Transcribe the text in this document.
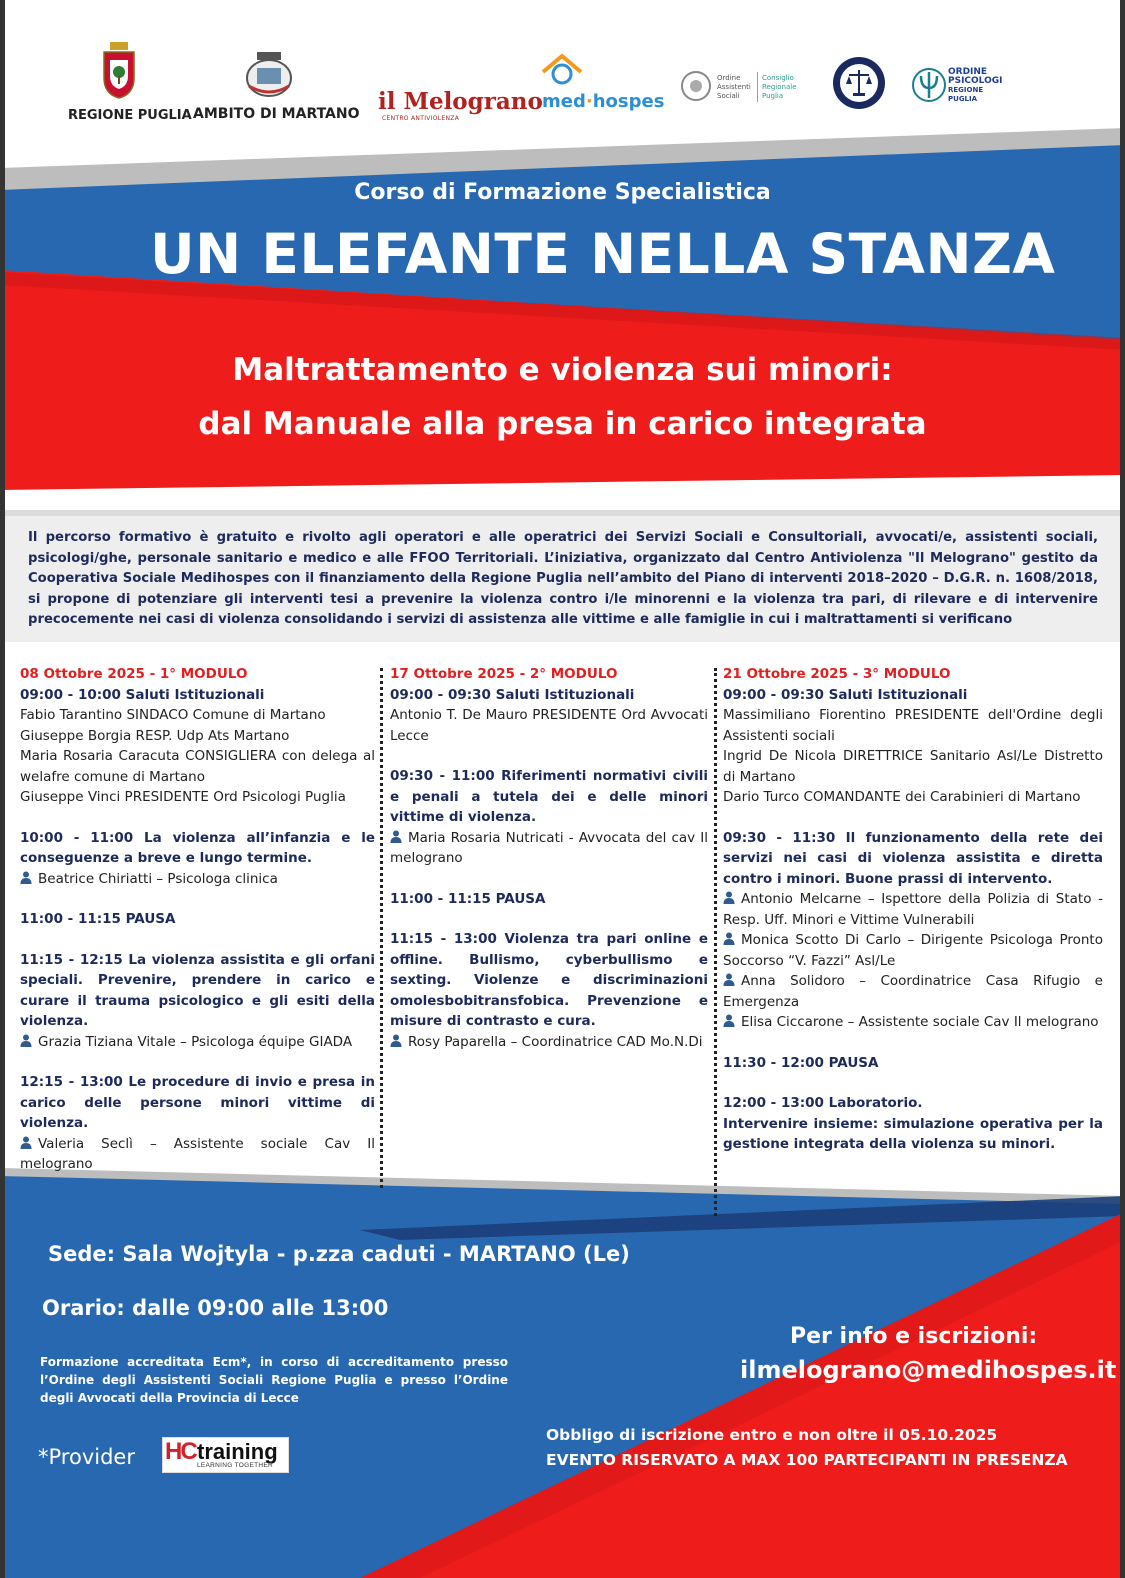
REGIONE PUGLIA AMBITO DI MARTANO il Melograno
CENTRO ANTIVIOLENZA
med·hospes
Ordine
Assistenti
Sociali
Consiglio
Regionale
Puglia
ORDINE
PSICOLOGI
REGIONE
PUGLIA
Corso di Formazione Specialistica
UN ELEFANTE NELLA STANZA
Maltrattamento e violenza sui minori:
dal Manuale alla presa in carico integrata
Il percorso formativo è gratuito e rivolto agli operatori e alle operatrici dei Servizi Sociali e Consultoriali, avvocati/e, assistenti sociali, psicologi/ghe, personale sanitario e medico e alle FFOO Territoriali. L’iniziativa, organizzato dal Centro Antiviolenza "Il Melograno" gestito da Cooperativa Sociale Medihospes con il finanziamento della Regione Puglia nell’ambito del Piano di interventi 2018–2020 – D.G.R. n. 1608/2018, si propone di potenziare gli interventi tesi a prevenire la violenza contro i/le minorenni e la violenza tra pari, di rilevare e di intervenire precocemente nei casi di violenza consolidando i servizi di assistenza alle vittime e alle famiglie in cui i maltrattamenti si verificano
08 Ottobre 2025 - 1° MODULO
09:00 - 10:00 Saluti Istituzionali
Fabio Tarantino SINDACO Comune di Martano
Giuseppe Borgia RESP. Udp Ats Martano
Maria Rosaria Caracuta CONSIGLIERA con delega al welafre comune di Martano
Giuseppe Vinci PRESIDENTE Ord Psicologi Puglia
10:00 - 11:00 La violenza all’infanzia e le conseguenze a breve e lungo termine.
Beatrice Chiriatti – Psicologa clinica
11:00 - 11:15 PAUSA
11:15 - 12:15 La violenza assistita e gli orfani speciali. Prevenire, prendere in carico e curare il trauma psicologico e gli esiti della violenza.
Grazia Tiziana Vitale – Psicologa équipe GIADA
12:15 - 13:00 Le procedure di invio e presa in carico delle persone minori vittime di violenza.
Valeria Seclì – Assistente sociale Cav Il melograno
17 Ottobre 2025 - 2° MODULO
09:00 - 09:30 Saluti Istituzionali
Antonio T. De Mauro PRESIDENTE Ord Avvocati Lecce
09:30 - 11:00 Riferimenti normativi civili e penali a tutela dei e delle minori vittime di violenza.
Maria Rosaria Nutricati - Avvocata del cav Il melograno
11:00 - 11:15 PAUSA
11:15 - 13:00 Violenza tra pari online e offline. Bullismo, cyberbullismo e sexting. Violenze e discriminazioni omolesbobitransfobica. Prevenzione e misure di contrasto e cura.
Rosy Paparella – Coordinatrice CAD Mo.N.Di
21 Ottobre 2025 - 3° MODULO
09:00 - 09:30 Saluti Istituzionali
Massimiliano Fiorentino PRESIDENTE dell'Ordine degli Assistenti sociali
Ingrid De Nicola DIRETTRICE Sanitario Asl/Le Distretto di Martano
Dario Turco COMANDANTE dei Carabinieri di Martano
09:30 - 11:30 Il funzionamento della rete dei servizi nei casi di violenza assistita e diretta contro i minori. Buone prassi di intervento.
Antonio Melcarne – Ispettore della Polizia di Stato - Resp. Uff. Minori e Vittime Vulnerabili
Monica Scotto Di Carlo – Dirigente Psicologa Pronto Soccorso “V. Fazzi” Asl/Le
Anna Solidoro – Coordinatrice Casa Rifugio e Emergenza
Elisa Ciccarone – Assistente sociale Cav Il melograno
11:30 - 12:00 PAUSA
12:00 - 13:00 Laboratorio.
Intervenire insieme: simulazione operativa per la gestione integrata della violenza su minori.
Sede: Sala Wojtyla - p.zza caduti - MARTANO (Le)
Orario: dalle 09:00 alle 13:00
Formazione accreditata Ecm*, in corso di accreditamento presso l’Ordine degli Assistenti Sociali Regione Puglia e presso l’Ordine degli Avvocati della Provincia di Lecce
*Provider HC training
LEARNING TOGETHER
Per info e iscrizioni:
ilmelograno@medihospes.it
Obbligo di iscrizione entro e non oltre il 05.10.2025
EVENTO RISERVATO A MAX 100 PARTECIPANTI IN PRESENZA
